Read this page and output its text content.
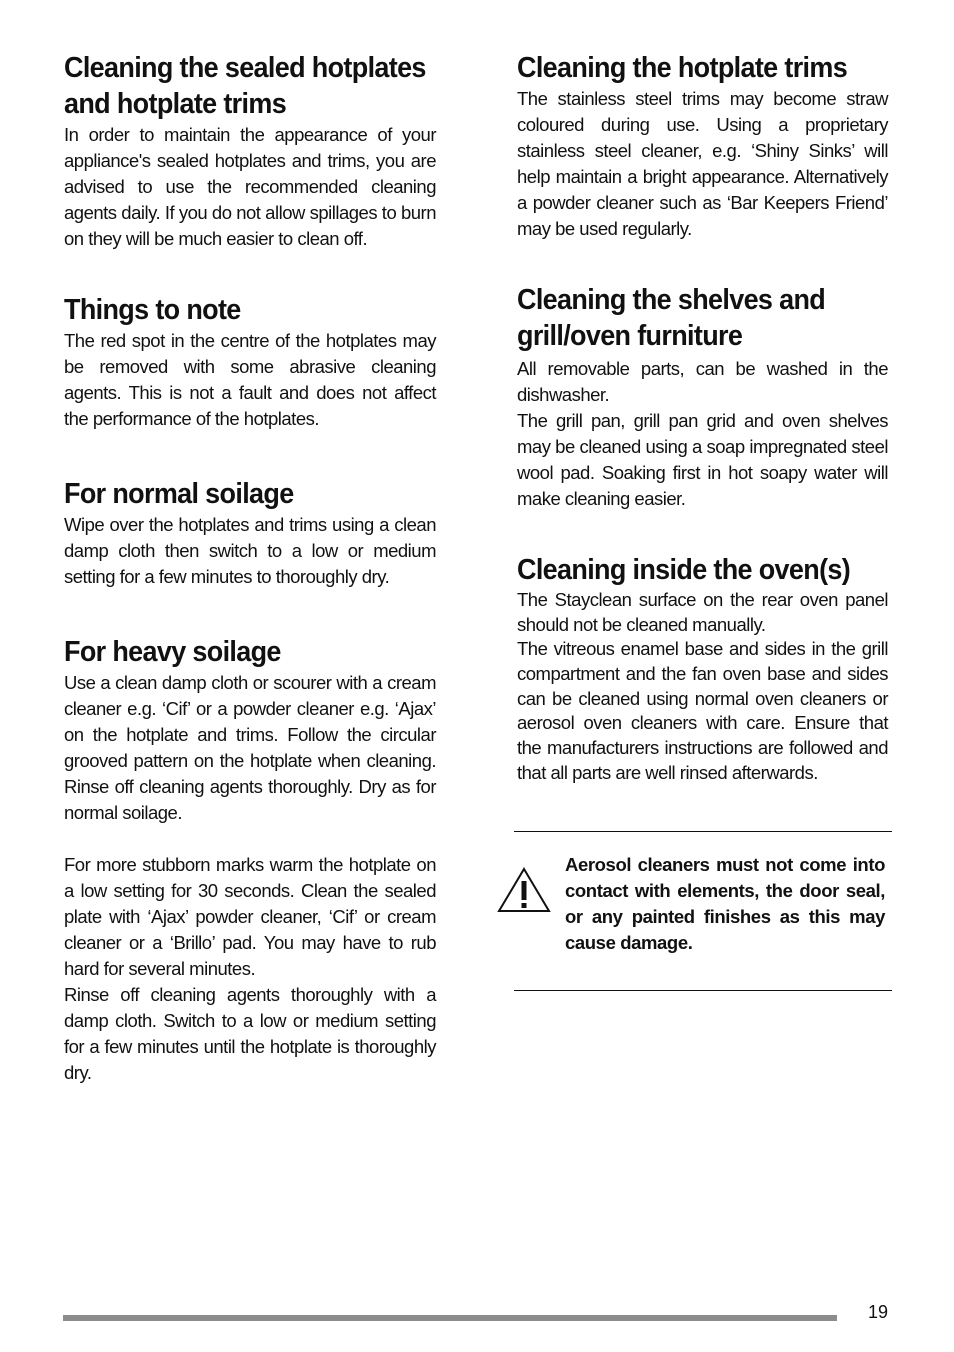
Cleaning the sealed hotplates and hotplate trims

In order to maintain the appearance of your appliance's sealed hotplates and trims, you are advised to use the recommended cleaning agents daily. If you do not allow spillages to burn on they will be much easier to clean off.

Things to note

The red spot in the centre of the hotplates may be removed with some abrasive cleaning agents. This is not a fault and does not affect the performance of the hotplates.

For normal soilage

Wipe over the hotplates and trims using a clean damp cloth then switch to a low or medium setting for a few minutes to thoroughly dry.

For heavy soilage

Use a clean damp cloth or scourer with a cream cleaner e.g. ‘Cif’ or a powder cleaner e.g. ‘Ajax’ on the hotplate and trims. Follow the circular grooved pattern on the hotplate when cleaning. Rinse off cleaning agents thoroughly. Dry as for normal soilage.

For more stubborn marks warm the hotplate on a low setting for 30 seconds. Clean the sealed plate with ‘Ajax’ powder cleaner, ‘Cif’ or cream cleaner or a ‘Brillo’ pad. You may have to rub hard for several minutes.

Rinse off cleaning agents thoroughly with a damp cloth. Switch to a low or medium setting for a few minutes until the hotplate is thoroughly dry.

Cleaning the hotplate trims

The stainless steel trims may become straw coloured during use. Using a proprietary stainless steel cleaner, e.g. ‘Shiny Sinks’ will help maintain a bright appearance. Alternatively a powder cleaner such as ‘Bar Keepers Friend’ may be used regularly.

Cleaning the shelves and grill/oven furniture

All removable parts, can be washed in the dishwasher.

The grill pan, grill pan grid and oven shelves may be cleaned using a soap impregnated steel wool pad. Soaking first in hot soapy water will make cleaning easier.

Cleaning inside the oven(s)

The Stayclean surface on the rear oven panel should not be cleaned manually.

The vitreous enamel base and sides in the grill compartment and the fan oven base and sides can be cleaned using normal oven cleaners or aerosol oven cleaners with care. Ensure that the manufacturers instructions are followed and that all parts are well rinsed afterwards.

Aerosol cleaners must not come into contact with elements, the door seal, or any painted finishes as this may cause damage.
19
